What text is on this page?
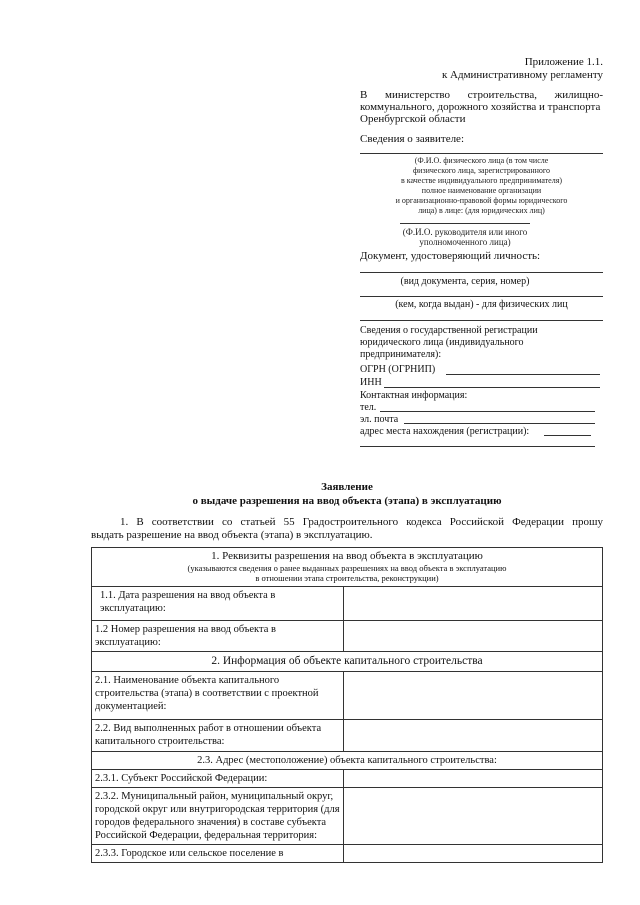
Приложение 1.1.
к Административному регламенту
В министерство строительства, жилищно-
коммунального, дорожного хозяйства и транспорта
Оренбургской области
Сведения о заявителе:
(Ф.И.О. физического лица (в том числе
физического лица, зарегистрированного
в качестве индивидуального предпринимателя)
полное наименование организации
и организационно-правовой формы юридического
лица) в лице: (для юридических лиц)
(Ф.И.О. руководителя или иного
уполномоченного лица)
Документ, удостоверяющий личность:
(вид документа, серия, номер)
(кем, когда выдан) - для физических лиц
Сведения о государственной регистрации
юридического лица (индивидуального
предпринимателя):
ОГРН (ОГРНИП)
ИНН
Контактная информация:
тел.
эл. почта
адрес места нахождения (регистрации):
Заявление
о выдаче разрешения на ввод объекта (этапа) в эксплуатацию
1. В соответствии со статьей 55 Градостроительного кодекса Российской Федерации прошу
выдать разрешение на ввод объекта (этапа) в эксплуатацию.
1. Реквизиты разрешения на ввод объекта в эксплуатацию
(указываются сведения о ранее выданных разрешениях на ввод объекта в эксплуатацию
в отношении этапа строительства, реконструкции)	

1.1. Дата разрешения на ввод объекта в эксплуатацию:	
1.2 Номер разрешения на ввод объекта в эксплуатацию:	
2. Информация об объекте капитального строительства	
2.1. Наименование объекта капитального строительства (этапа) в соответствии с проектной документацией:	
2.2. Вид выполненных работ в отношении объекта капитального строительства:	
2.3. Адрес (местоположение) объекта капитального строительства:	
2.3.1. Субъект Российской Федерации:	
2.3.2. Муниципальный район, муниципальный округ, городской округ или внутригородская территория (для городов федерального значения) в составе субъекта Российской Федерации, федеральная территория:	
2.3.3. Городское или сельское поселение в	
